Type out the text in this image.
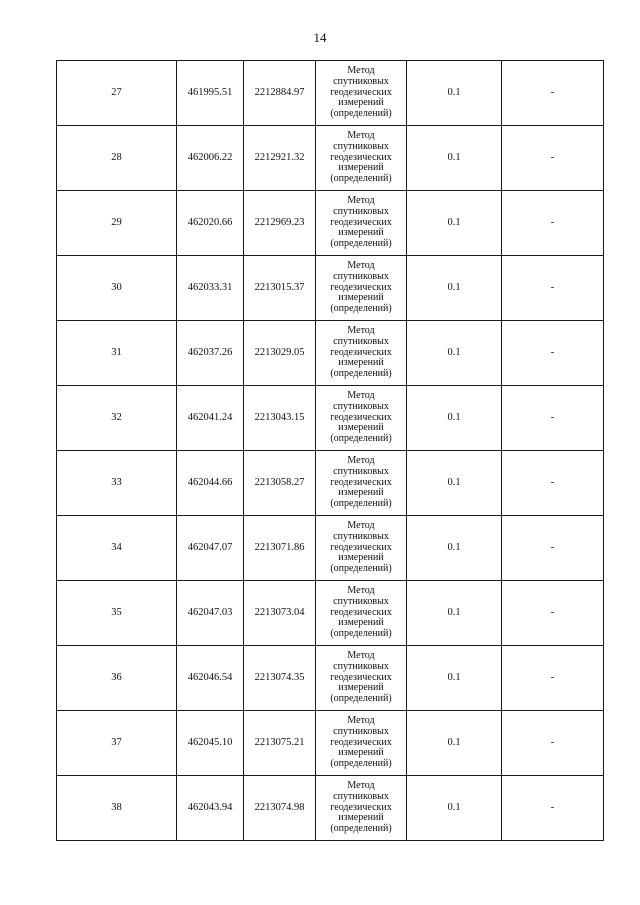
14
27	461995.51	2212884.97	Метод
спутниковых
геодезических
измерений
(определений)	0.1	-
28	462006.22	2212921.32	Метод
спутниковых
геодезических
измерений
(определений)	0.1	-
29	462020.66	2212969.23	Метод
спутниковых
геодезических
измерений
(определений)	0.1	-
30	462033.31	2213015.37	Метод
спутниковых
геодезических
измерений
(определений)	0.1	-
31	462037.26	2213029.05	Метод
спутниковых
геодезических
измерений
(определений)	0.1	-
32	462041.24	2213043.15	Метод
спутниковых
геодезических
измерений
(определений)	0.1	-
33	462044.66	2213058.27	Метод
спутниковых
геодезических
измерений
(определений)	0.1	-
34	462047.07	2213071.86	Метод
спутниковых
геодезических
измерений
(определений)	0.1	-
35	462047.03	2213073.04	Метод
спутниковых
геодезических
измерений
(определений)	0.1	-
36	462046.54	2213074.35	Метод
спутниковых
геодезических
измерений
(определений)	0.1	-
37	462045.10	2213075.21	Метод
спутниковых
геодезических
измерений
(определений)	0.1	-
38	462043.94	2213074.98	Метод
спутниковых
геодезических
измерений
(определений)	0.1	-
